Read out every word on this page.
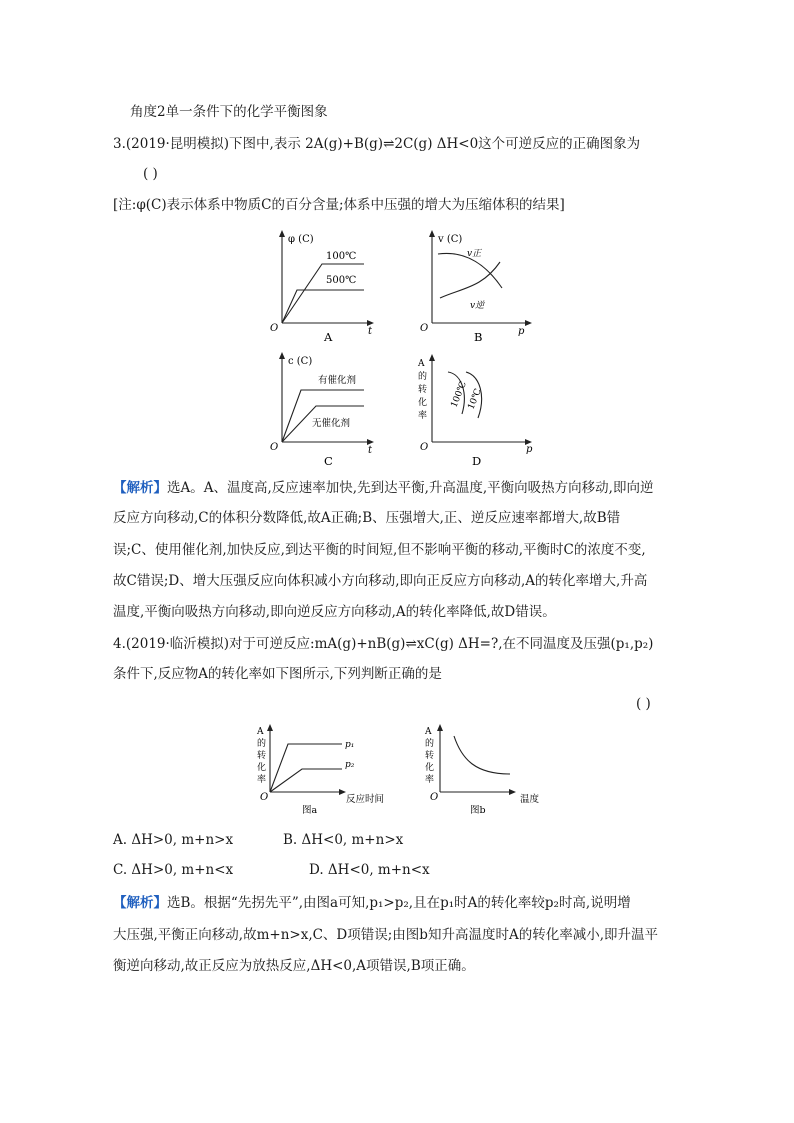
角度2单一条件下的化学平衡图象
3.(2019·昆明模拟)下图中,表示 2A(g)+B(g)⇌2C(g) ΔH<0这个可逆反应的正确图象为
( )
[注:φ(C)表示体系中物质C的百分含量;体系中压强的增大为压缩体积的结果]
φ (C)
100℃
500℃
t
O
A
v (C)
v正
v逆
p
O
B
c (C)
有催化剂
无催化剂
t
O
C
A
的
转
化
率
100℃
10℃
p
O
D
【解析】选A。A、温度高,反应速率加快,先到达平衡,升高温度,平衡向吸热方向移动,即向逆
反应方向移动,C的体积分数降低,故A正确;B、压强增大,正、逆反应速率都增大,故B错
误;C、使用催化剂,加快反应,到达平衡的时间短,但不影响平衡的移动,平衡时C的浓度不变,
故C错误;D、增大压强反应向体积减小方向移动,即向正反应方向移动,A的转化率增大,升高
温度,平衡向吸热方向移动,即向逆反应方向移动,A的转化率降低,故D错误。
4.(2019·临沂模拟)对于可逆反应:mA(g)+nB(g)⇌xC(g) ΔH=?,在不同温度及压强(p₁,p₂)
条件下,反应物A的转化率如下图所示,下列判断正确的是
( )
A
的
转
化
率
p₁
p₂
反应时间
O
图a
A
的
转
化
率
温度
O
图b
A. ΔH>0, m+n>x	B. ΔH<0, m+n>x
C. ΔH>0, m+n<x	D. ΔH<0, m+n<x
【解析】选B。根据“先拐先平”,由图a可知,p₁>p₂,且在p₁时A的转化率较p₂时高,说明增
大压强,平衡正向移动,故m+n>x,C、D项错误;由图b知升高温度时A的转化率减小,即升温平
衡逆向移动,故正反应为放热反应,ΔH<0,A项错误,B项正确。
